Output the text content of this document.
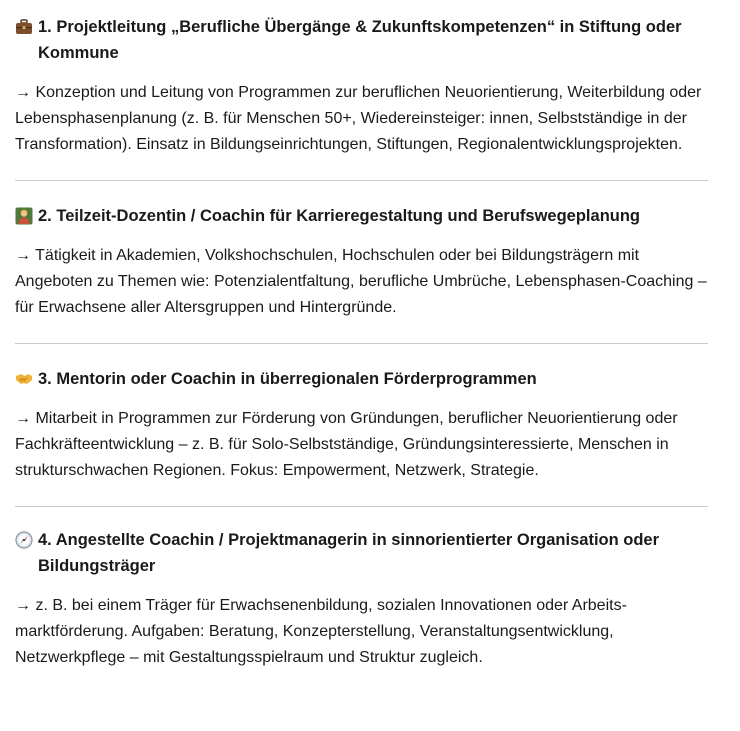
1. Projektleitung „Berufliche Übergänge & Zukunftskompetenzen“ in Stiftung oder Kommune

→ Konzeption und Leitung von Programmen zur beruflichen Neuorientierung, Weiterbildung oder Lebensphasenplanung (z. B. für Menschen 50+, Wiedereinsteiger: innen, Selbstständige in der Transformation). Einsatz in Bildungseinrichtungen, Stiftungen, Regionalentwicklungsprojekten.

2. Teilzeit-Dozentin / Coachin für Karrieregestaltung und Berufswegeplanung

→ Tätigkeit in Akademien, Volkshochschulen, Hochschulen oder bei Bildungsträgern mit Angeboten zu Themen wie: Potenzialentfaltung, berufliche Umbrüche, Lebensphasen-Coaching – für Erwachsene aller Altersgruppen und Hintergründe.

3. Mentorin oder Coachin in überregionalen Förderprogrammen

→ Mitarbeit in Programmen zur Förderung von Gründungen, beruflicher Neuorientierung oder Fachkräfteentwicklung – z. B. für Solo-Selbstständige, Gründungsinteressierte, Menschen in strukturschwachen Regionen. Fokus: Empowerment, Netzwerk, Strategie.

4. Angestellte Coachin / Projektmanagerin in sinnorientierter Organisation oder Bildungsträger

→ z. B. bei einem Träger für Erwachsenenbildung, sozialen Innovationen oder Arbeitsmarktförderung. Aufgaben: Beratung, Konzepterstellung, Veranstaltungsentwicklung, Netzwerkpflege – mit Gestaltungsspielraum und Struktur zugleich.
